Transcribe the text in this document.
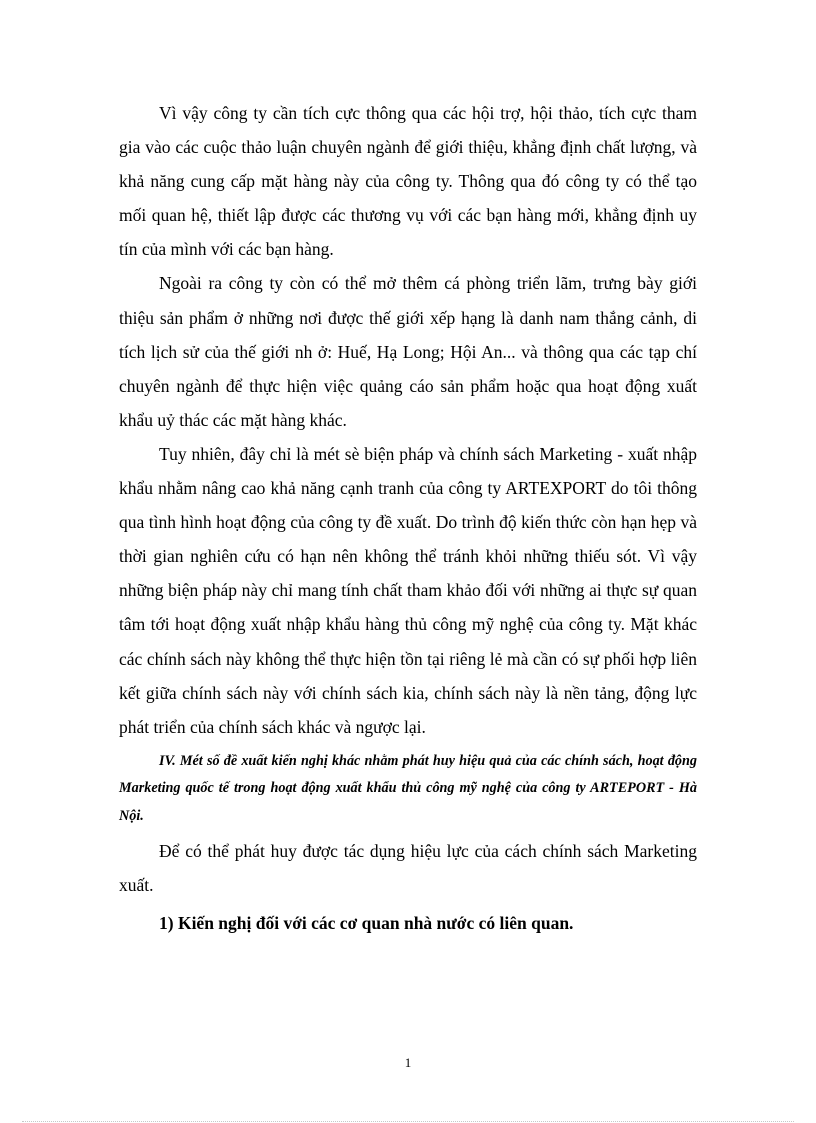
Vì vậy công ty cần tích cực thông qua các hội trợ, hội thảo, tích cực tham gia vào các cuộc thảo luận chuyên ngành để giới thiệu, khẳng định chất lượng, và khả năng cung cấp mặt hàng này của công ty. Thông qua đó công ty có thể tạo mối quan hệ, thiết lập được các thương vụ với các bạn hàng mới, khẳng định uy tín của mình với các bạn hàng.

Ngoài ra công ty còn có thể mở thêm cá phòng triển lãm, trưng bày giới thiệu sản phẩm ở những nơi được thế giới xếp hạng là danh nam thắng cảnh, di tích lịch sử của thế giới nh ở: Huế, Hạ Long; Hội An... và thông qua các tạp chí chuyên ngành để thực hiện việc quảng cáo sản phẩm hoặc qua hoạt động xuất khẩu uỷ thác các mặt hàng khác.

Tuy nhiên, đây chỉ là mét sè biện pháp và chính sách Marketing - xuất nhập khẩu nhằm nâng cao khả năng cạnh tranh của công ty ARTEXPORT do tôi thông qua tình hình hoạt động của công ty đề xuất. Do trình độ kiến thức còn hạn hẹp và thời gian nghiên cứu có hạn nên không thể tránh khỏi những thiếu sót. Vì vậy những biện pháp này chỉ mang tính chất tham khảo đối với những ai thực sự quan tâm tới hoạt động xuất nhập khẩu hàng thủ công mỹ nghệ của công ty. Mặt khác các chính sách này không thể thực hiện tồn tại riêng lẻ mà cần có sự phối hợp liên kết giữa chính sách này với chính sách kia, chính sách này là nền tảng, động lực phát triển của chính sách khác và ngược lại.

IV. Mét số đề xuất kiến nghị khác nhằm phát huy hiệu quả của các chính sách, hoạt động Marketing quốc tế trong hoạt động xuất khẩu thủ công mỹ nghệ của công ty ARTEPORT - Hà Nội.

Để có thể phát huy được tác dụng hiệu lực của cách chính sách Marketing xuất.

1) Kiến nghị đối với các cơ quan nhà nước có liên quan.

1
